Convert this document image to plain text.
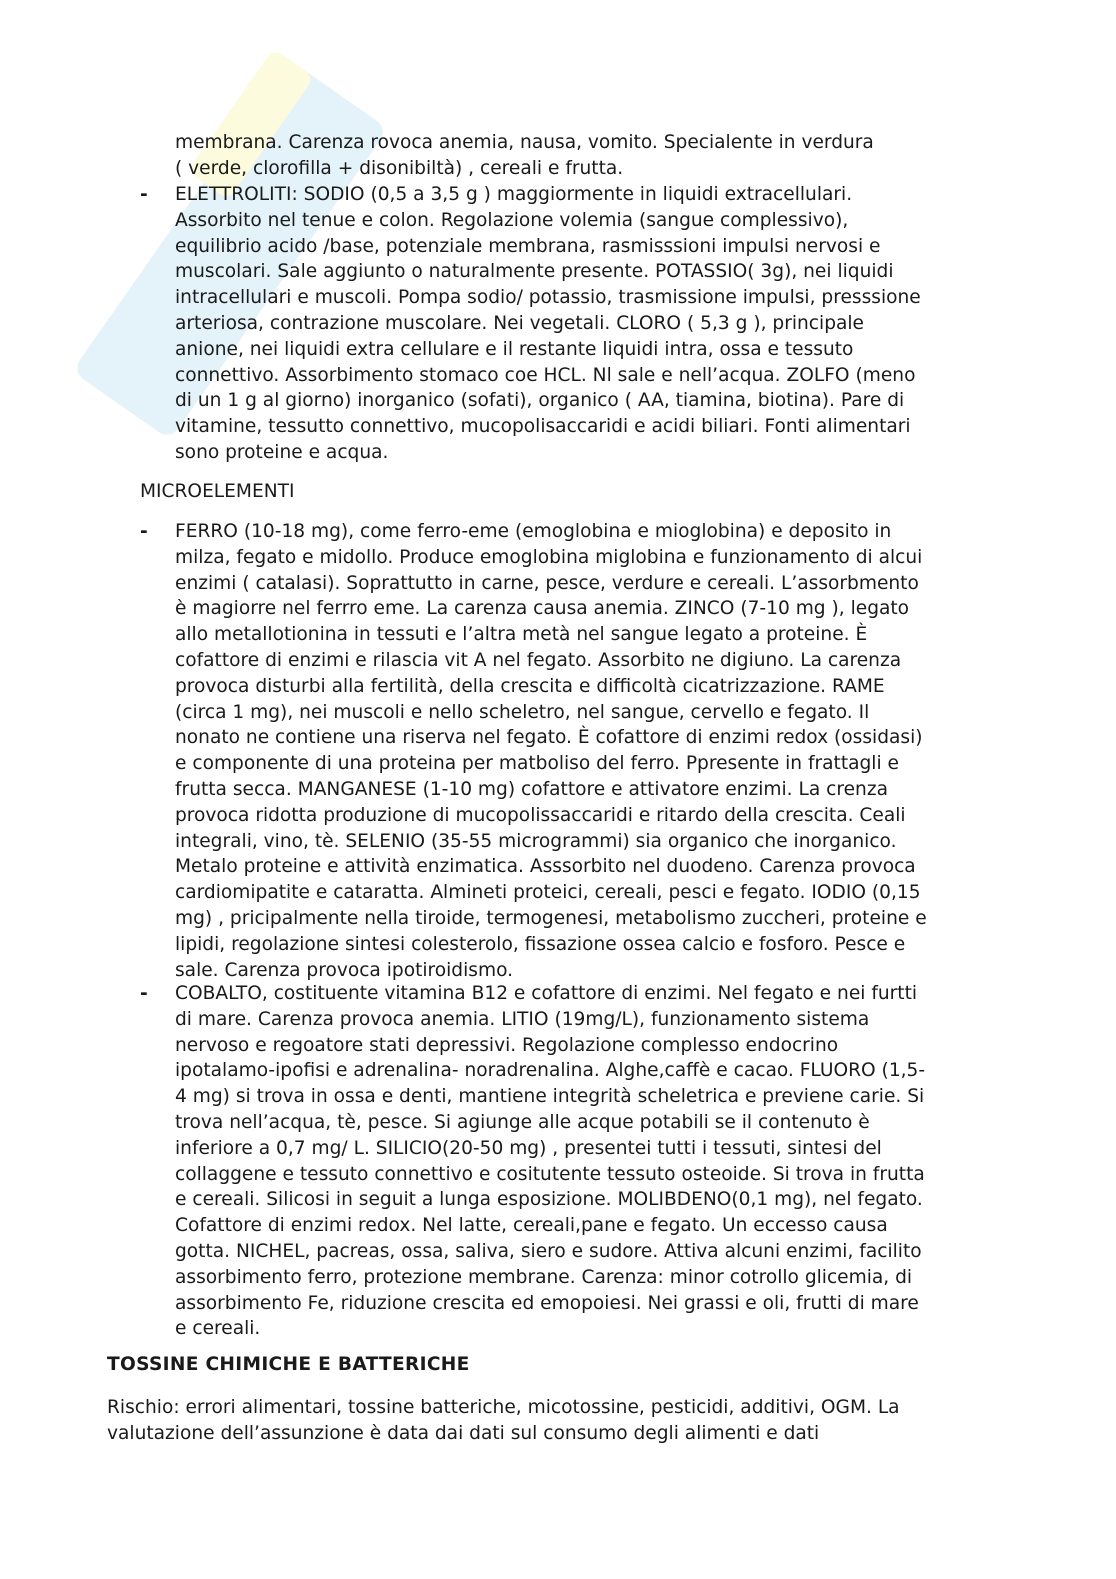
membrana. Carenza rovoca anemia, nausa, vomito. Specialente in verdura
( verde, clorofilla + disonibiltà) , cereali e frutta.
- ELETTROLITI: SODIO (0,5 a 3,5 g ) maggiormente in liquidi extracellulari.
Assorbito nel tenue e colon. Regolazione volemia (sangue complessivo),
equilibrio acido /base, potenziale membrana, rasmisssioni impulsi nervosi e
muscolari. Sale aggiunto o naturalmente presente. POTASSIO( 3g), nei liquidi
intracellulari e muscoli. Pompa sodio/ potassio, trasmissione impulsi, presssione
arteriosa, contrazione muscolare. Nei vegetali. CLORO ( 5,3 g ), principale
anione, nei liquidi extra cellulare e il restante liquidi intra, ossa e tessuto
connettivo. Assorbimento stomaco coe HCL. Nl sale e nell’acqua. ZOLFO (meno
di un 1 g al giorno) inorganico (sofati), organico ( AA, tiamina, biotina). Pare di
vitamine, tessutto connettivo, mucopolisaccaridi e acidi biliari. Fonti alimentari
sono proteine e acqua.
MICROELEMENTI
- FERRO (10-18 mg), come ferro-eme (emoglobina e mioglobina) e deposito in
milza, fegato e midollo. Produce emoglobina miglobina e funzionamento di alcui
enzimi ( catalasi). Soprattutto in carne, pesce, verdure e cereali. L’assorbmento
è magiorre nel ferrro eme. La carenza causa anemia. ZINCO (7-10 mg ), legato
allo metallotionina in tessuti e l’altra metà nel sangue legato a proteine. È
cofattore di enzimi e rilascia vit A nel fegato. Assorbito ne digiuno. La carenza
provoca disturbi alla fertilità, della crescita e difficoltà cicatrizzazione. RAME
(circa 1 mg), nei muscoli e nello scheletro, nel sangue, cervello e fegato. Il
nonato ne contiene una riserva nel fegato. È cofattore di enzimi redox (ossidasi)
e componente di una proteina per matboliso del ferro. Ppresente in frattagli e
frutta secca. MANGANESE (1-10 mg) cofattore e attivatore enzimi. La crenza
provoca ridotta produzione di mucopolissaccaridi e ritardo della crescita. Ceali
integrali, vino, tè. SELENIO (35-55 microgrammi) sia organico che inorganico.
Metalo proteine e attività enzimatica. Asssorbito nel duodeno. Carenza provoca
cardiomipatite e cataratta. Almineti proteici, cereali, pesci e fegato. IODIO (0,15
mg) , pricipalmente nella tiroide, termogenesi, metabolismo zuccheri, proteine e
lipidi, regolazione sintesi colesterolo, fissazione ossea calcio e fosforo. Pesce e
sale. Carenza provoca ipotiroidismo.
- COBALTO, costituente vitamina B12 e cofattore di enzimi. Nel fegato e nei furtti
di mare. Carenza provoca anemia. LITIO (19mg/L), funzionamento sistema
nervoso e regoatore stati depressivi. Regolazione complesso endocrino
ipotalamo-ipofisi e adrenalina- noradrenalina. Alghe,caffè e cacao. FLUORO (1,5-
4 mg) si trova in ossa e denti, mantiene integrità scheletrica e previene carie. Si
trova nell’acqua, tè, pesce. Si agiunge alle acque potabili se il contenuto è
inferiore a 0,7 mg/ L. SILICIO(20-50 mg) , presentei tutti i tessuti, sintesi del
collaggene e tessuto connettivo e cositutente tessuto osteoide. Si trova in frutta
e cereali. Silicosi in seguit a lunga esposizione. MOLIBDENO(0,1 mg), nel fegato.
Cofattore di enzimi redox. Nel latte, cereali,pane e fegato. Un eccesso causa
gotta. NICHEL, pacreas, ossa, saliva, siero e sudore. Attiva alcuni enzimi, facilito
assorbimento ferro, protezione membrane. Carenza: minor cotrollo glicemia, di
assorbimento Fe, riduzione crescita ed emopoiesi. Nei grassi e oli, frutti di mare
e cereali.
TOSSINE CHIMICHE E BATTERICHE
Rischio: errori alimentari, tossine batteriche, micotossine, pesticidi, additivi, OGM. La
valutazione dell’assunzione è data dai dati sul consumo degli alimenti e dati
